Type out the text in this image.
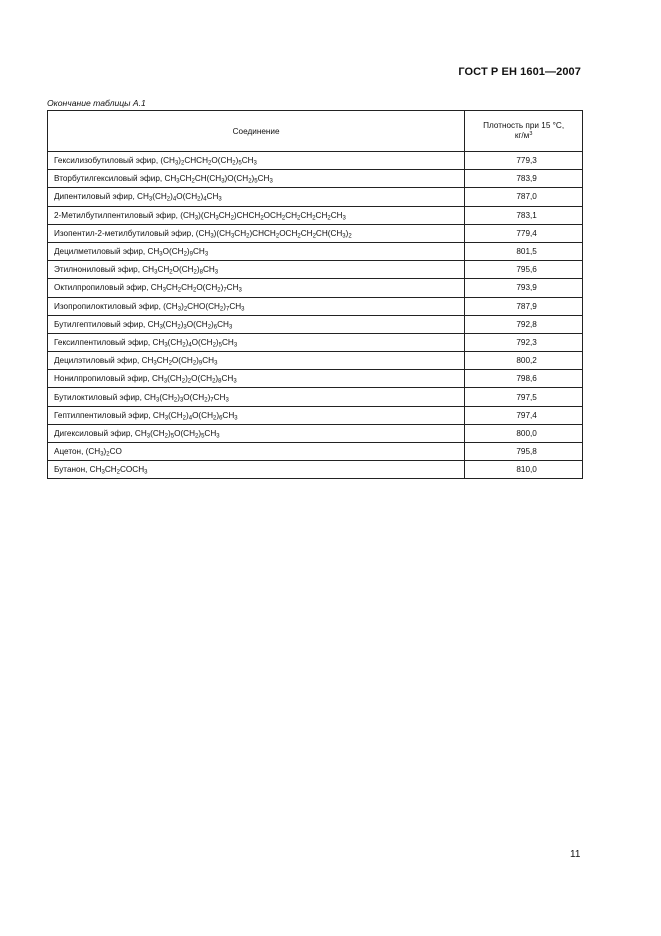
ГОСТ Р ЕН 1601—2007
Окончание таблицы А.1
Соединение	Плотность при 15 °С,
$кг/м^3$
Гексилизобутиловый эфир, $(CH_3)_2CHCH_2O(CH_2)_5CH_3$	779,3
Вторбутилгексиловый эфир, $CH_3CH_2CH(CH_3)O(CH_2)_5CH_3$	783,9
Дипентиловый эфир, $CH_3(CH_2)_4O(CH_2)_4CH_3$	787,0
2-Метилбутилпентиловый эфир, $(CH_3)(CH_3CH_2)CHCH_2OCH_2CH_2CH_2CH_2CH_3$	783,1
Изопентил-2-метилбутиловый эфир, $(CH_3)(CH_3CH_2)CHCH_2OCH_2CH_2CH(CH_3)_2$	779,4
Децилметиловый эфир, $CH_3O(CH_2)_9CH_3$	801,5
Этилнониловый эфир, $CH_3CH_2O(CH_2)_8CH_3$	795,6
Октилпропиловый эфир, $CH_3CH_2CH_2O(CH_2)_7CH_3$	793,9
Изопропилоктиловый эфир, $(CH_3)_2CHO(CH_2)_7CH_3$	787,9
Бутилгептиловый эфир, $CH_3(CH_2)_3O(CH_2)_6CH_3$	792,8
Гексилпентиловый эфир, $CH_3(CH_2)_4O(CH_2)_5CH_3$	792,3
Децилэтиловый эфир, $CH_3CH_2O(CH_2)_9CH_3$	800,2
Нонилпропиловый эфир, $CH_3(CH_2)_2O(CH_2)_8CH_3$	798,6
Бутилоктиловый эфир, $CH_3(CH_2)_3O(CH_2)_7CH_3$	797,5
Гептилпентиловый эфир, $CH_3(CH_2)_4O(CH_2)_6CH_3$	797,4
Дигексиловый эфир, $CH_3(CH_2)_5O(CH_2)_5CH_3$	800,0
Ацетон, $(CH_3)_2CO$	795,8
Бутанон, $CH_3CH_2COCH_3$	810,0
11
